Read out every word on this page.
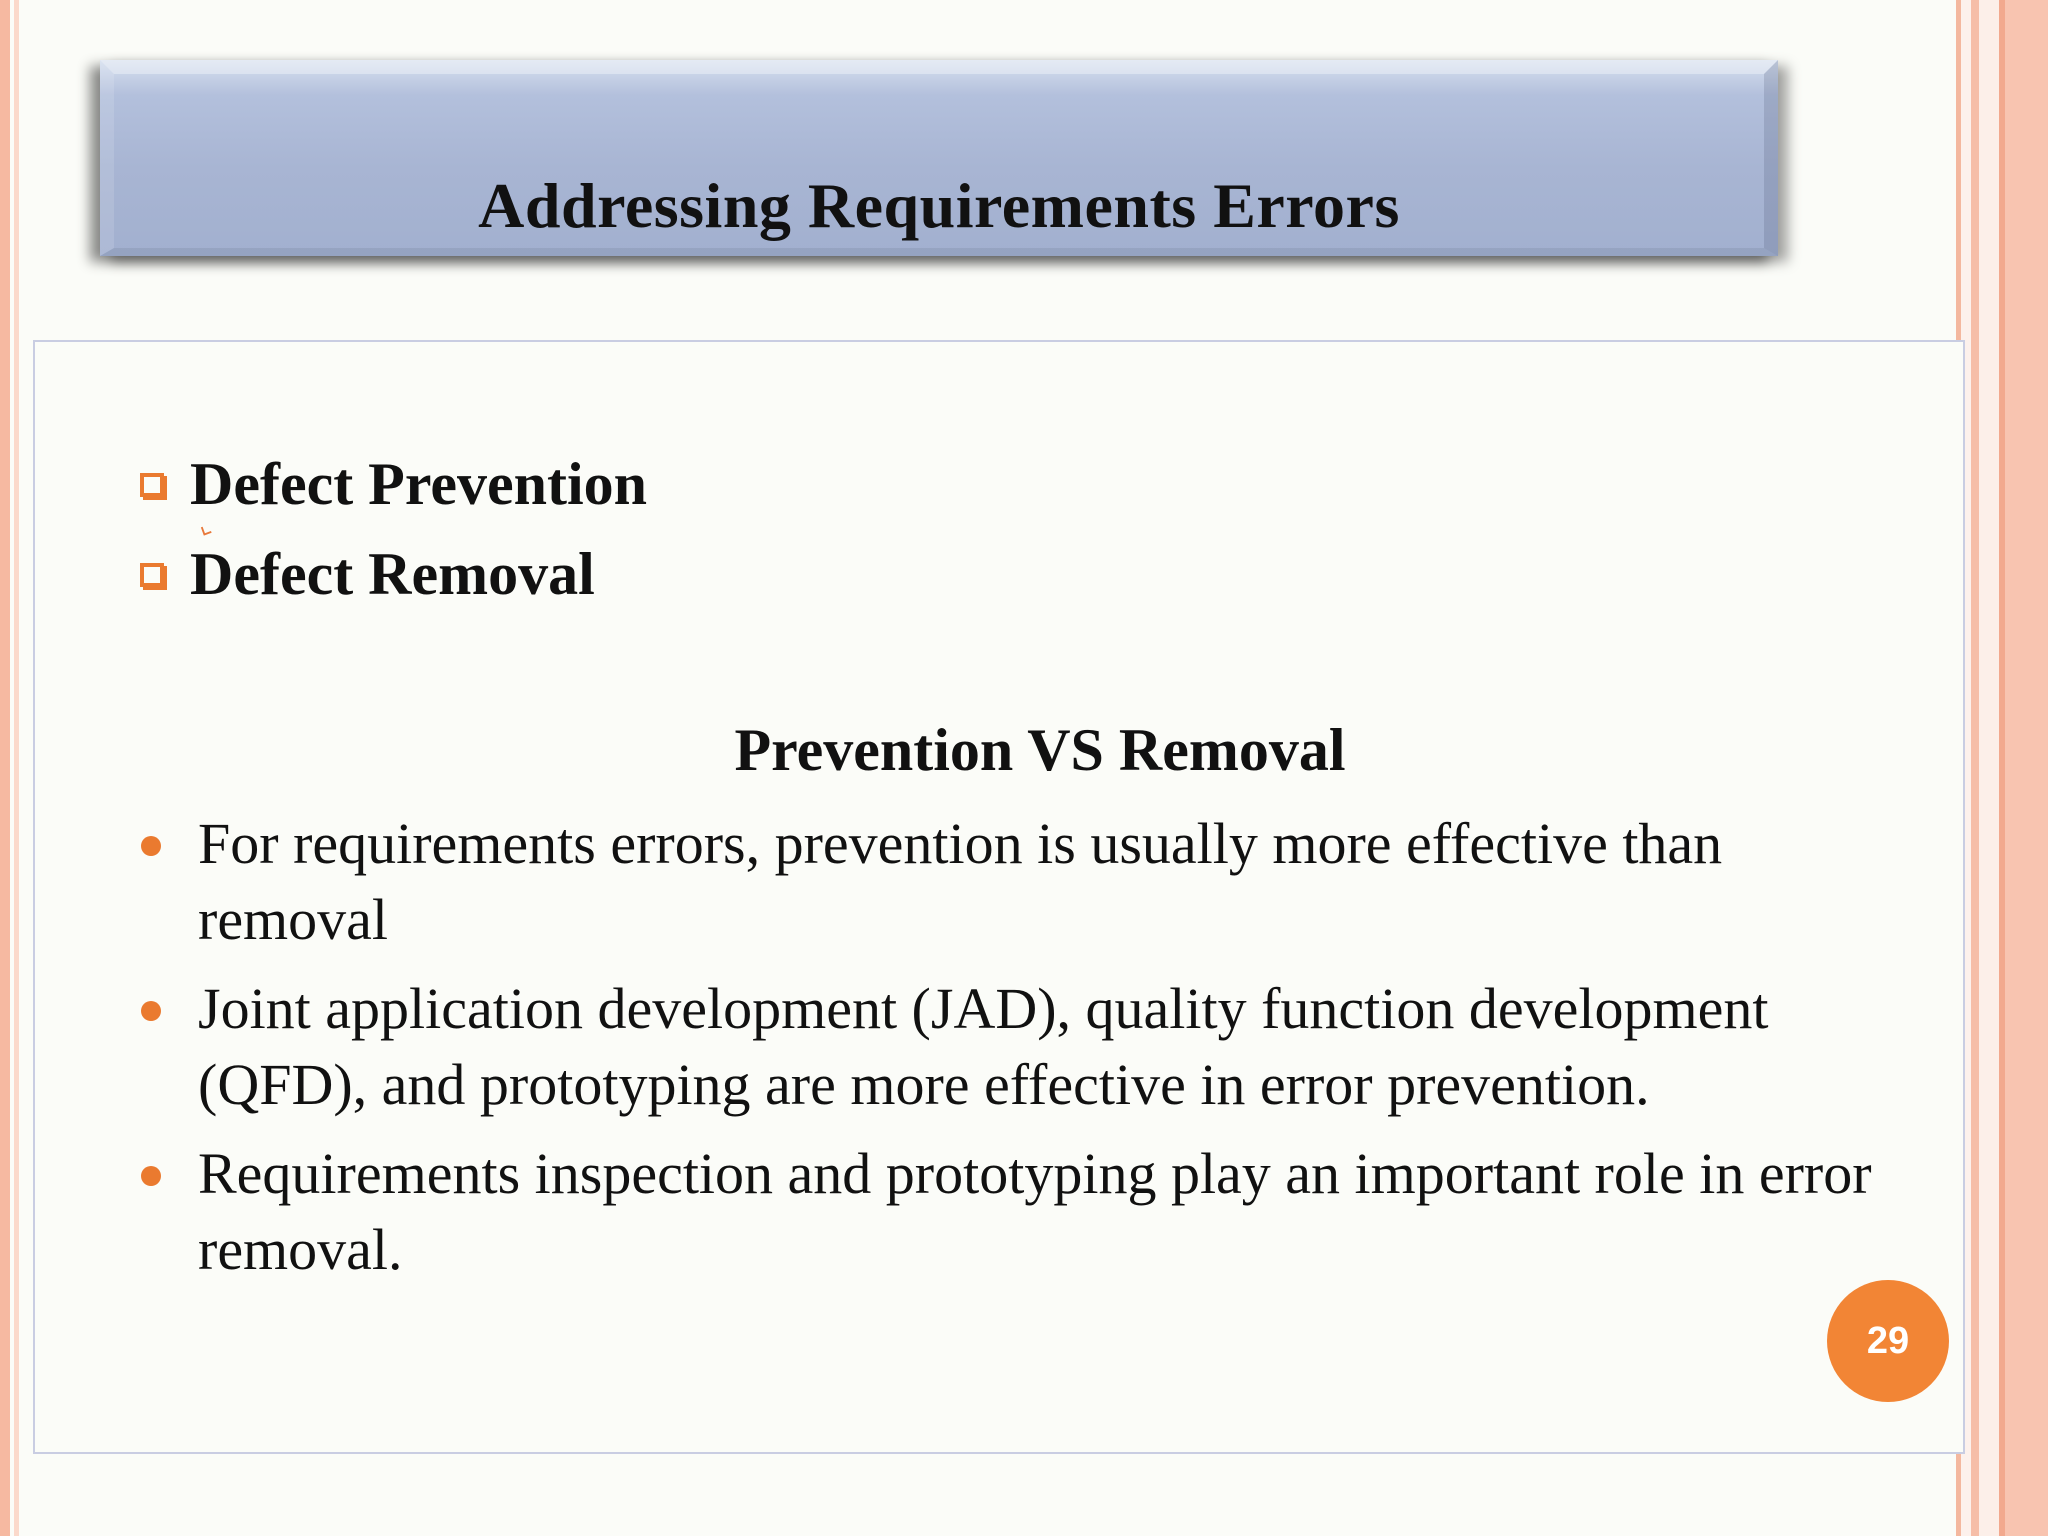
Addressing Requirements Errors
Defect Prevention
⌞
Defect Removal
Prevention VS Removal
For requirements errors, prevention is usually more effective than removal
Joint application development (JAD), quality function development (QFD), and prototyping are more effective in error prevention.
Requirements inspection and prototyping play an important role in error removal.
29
